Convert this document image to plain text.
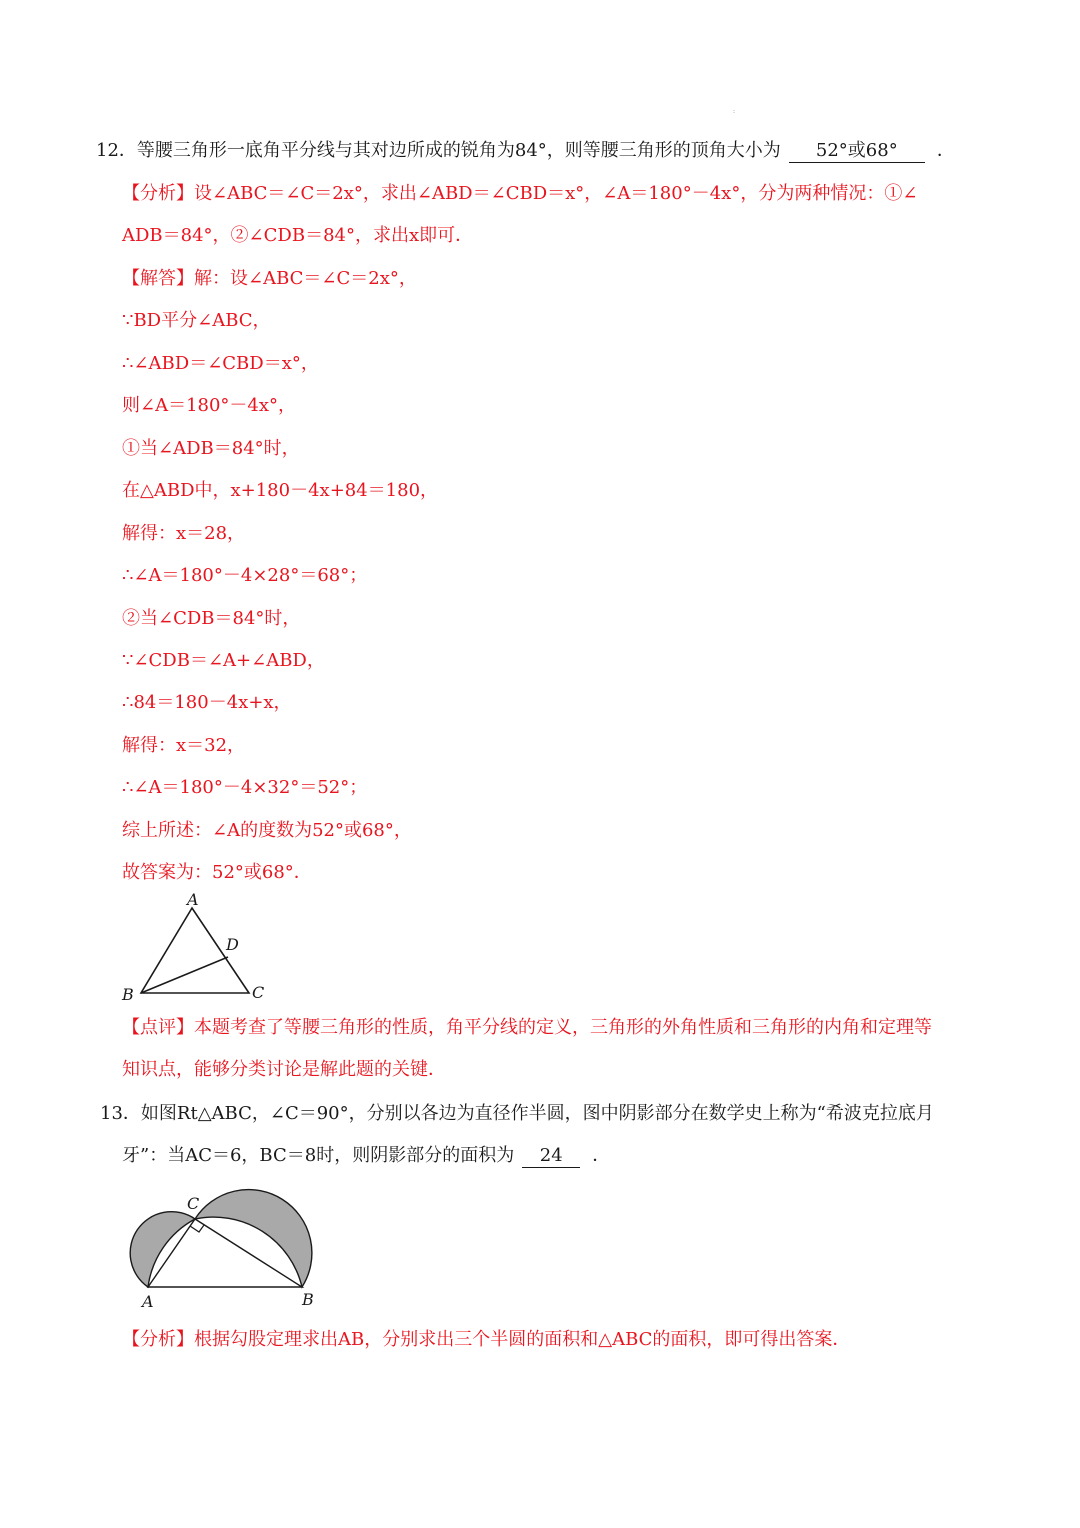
:
12．等腰三角形一底角平分线与其对边所成的锐角为84°，则等腰三角形的顶角大小为 52°或68° ．
【分析】设∠ABC＝∠C＝2x°，求出∠ABD＝∠CBD＝x°，∠A＝180°－4x°，分为两种情况：①∠
ADB＝84°，②∠CDB＝84°，求出x即可．
【解答】解：设∠ABC＝∠C＝2x°，
∵BD平分∠ABC，
∴∠ABD＝∠CBD＝x°，
则∠A＝180°－4x°，
①当∠ADB＝84°时，
在△ABD中，x+180－4x+84＝180，
解得：x＝28，
∴∠A＝180°－4×28°＝68°；
②当∠CDB＝84°时，
∵∠CDB＝∠A+∠ABD，
∴84＝180－4x+x，
解得：x＝32，
∴∠A＝180°－4×32°＝52°；
综上所述：∠A的度数为52°或68°，
故答案为：52°或68°．
A
B	C
D
【点评】本题考查了等腰三角形的性质，角平分线的定义，三角形的外角性质和三角形的内角和定理等
知识点，能够分类讨论是解此题的关键．
13．如图Rt△ABC，∠C＝90°，分别以各边为直径作半圆，图中阴影部分在数学史上称为“希波克拉底月
牙”：当AC＝6，BC＝8时，则阴影部分的面积为 24 ．
C
A	B
【分析】根据勾股定理求出AB，分别求出三个半圆的面积和△ABC的面积，即可得出答案．
